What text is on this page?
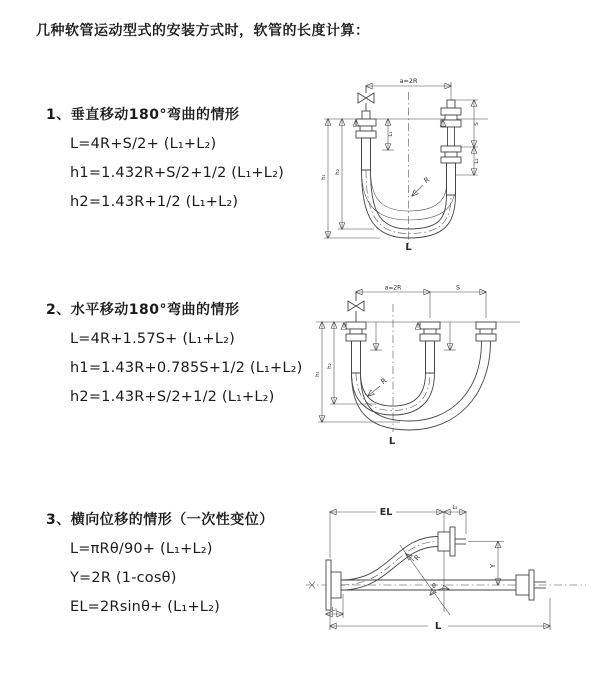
几种软管运动型式的安装方式时，软管的长度计算：
1、垂直移动180°弯曲的情形
L=4R+S/2+ (L₁+L₂)
h1=1.432R+S/2+1/2 (L₁+L₂)
h2=1.43R+1/2 (L₁+L₂)
2、水平移动180°弯曲的情形
L=4R+1.57S+ (L₁+L₂)
h1=1.43R+0.785S+1/2 (L₁+L₂)
h2=1.43R+S/2+1/2 (L₁+L₂)
3、横向位移的情形（一次性变位）
L=πRθ/90+ (L₁+L₂)
Y=2R (1-cosθ)
EL=2Rsinθ+ (L₁+L₂)
a=2R
h₁
h₂
L₁
S
L₂
R
L
a=2R	S
h₁
h₂
R
L
θ
EL	L₂
Y
L₁
L
R
